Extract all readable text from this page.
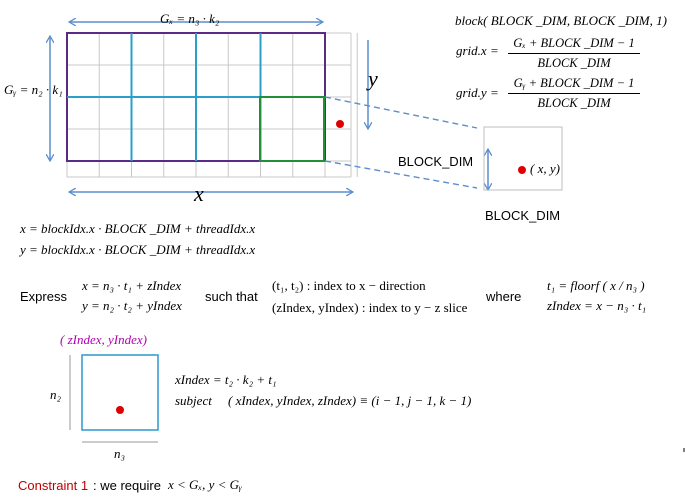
Gₓ = n₃ · k₂
Gᵧ = n₂ · k₁
x
y
block( BLOCK _DIM, BLOCK _DIM, 1)
grid.x =	Gₓ + BLOCK _DIM − 1
BLOCK _DIM
grid.y =
Gᵧ + BLOCK _DIM − 1
BLOCK _DIM
BLOCK_DIM
BLOCK_DIM
( x, y)
x = blockIdx.x · BLOCK _DIM + threadIdx.x
y = blockIdx.x · BLOCK _DIM + threadIdx.x
Express
x = n₃ · t₁ + zIndex
y = n₂ · t₂ + yIndex
such that
(t₁, t₂) : index to x − direction
(zIndex, yIndex) : index to y − z slice
where
t₁ = floorf ( x / n₃ )
zIndex = x − n₃ · t₁
( zIndex, yIndex)
n₂
n₃
xIndex = t₂ · k₂ + t₁
subject ( xIndex, yIndex, zIndex) ≡ (i − 1, j − 1, k − 1)
Constraint 1 : we require x < Gₓ, y < Gᵧ
